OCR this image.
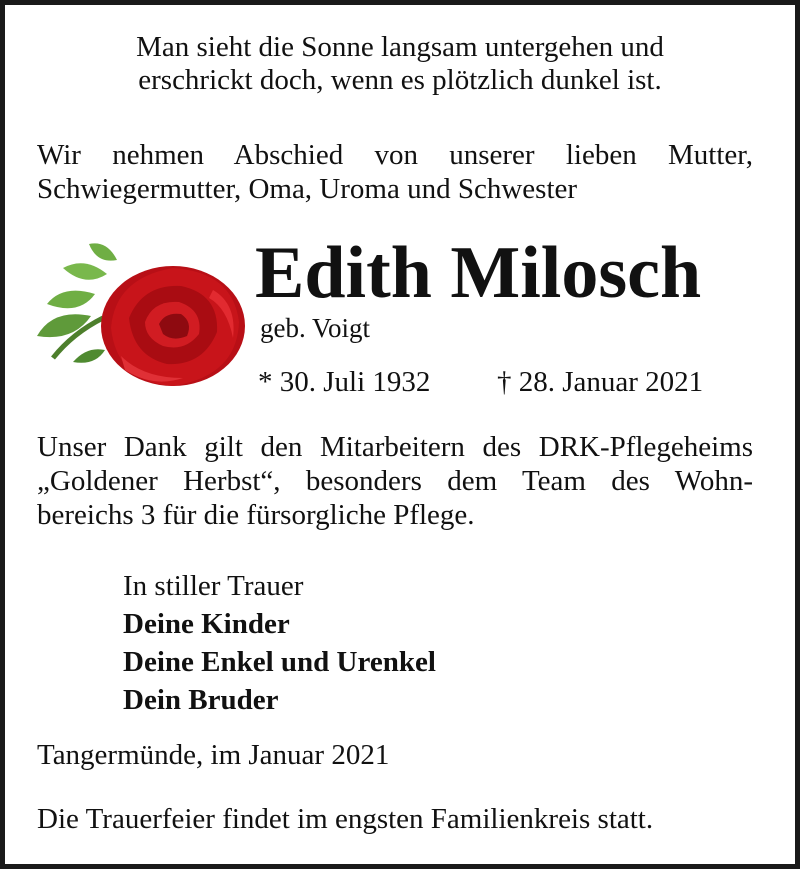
Man sieht die Sonne langsam untergehen und
erschrickt doch, wenn es plötzlich dunkel ist.
Wir nehmen Abschied von unserer lieben Mutter,
Schwiegermutter, Oma, Uroma und Schwester
Edith Milosch
geb. Voigt
* 30. Juli 1932 † 28. Januar 2021
Unser Dank gilt den Mitarbeitern des DRK-Pflegeheims
„Goldener Herbst“, besonders dem Team des Wohn-
bereichs 3 für die fürsorgliche Pflege.
In stiller Trauer
Deine Kinder
Deine Enkel und Urenkel
Dein Bruder
Tangermünde, im Januar 2021
Die Trauerfeier findet im engsten Familienkreis statt.
